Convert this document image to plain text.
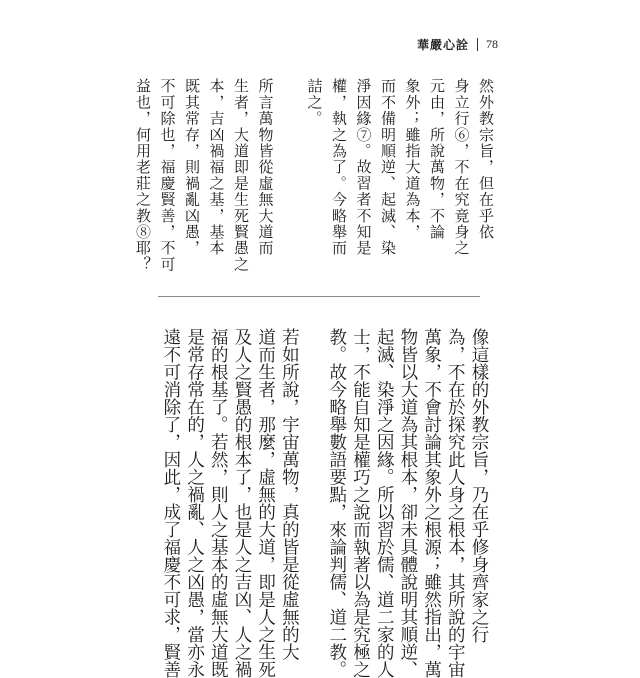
華嚴心詮 78
然外教宗旨，但在乎依
身立行⑥，不在究竟身之
元由，所說萬物，不論
象外；雖指大道為本，
而不備明順逆、起滅、染
淨因緣⑦。故習者不知是
權，執之為了。今略舉而
詰之。

所言萬物皆從虛無大道而
生者，大道即是生死賢愚之
本，吉凶禍福之基，基本
既其常存，則禍亂凶愚，
不可除也，福慶賢善，不可
益也，何用老莊之教⑧耶？
像這樣的外教宗旨，乃在乎修身齊家之行
為，不在於探究此人身之根本，其所說的宇宙
萬象，不會討論其象外之根源；雖然指出，萬
物皆以大道為其根本，卻未具體說明其順逆、
起滅、染淨之因緣。所以習於儒、道二家的人
士，不能自知是權巧之說而執著以為是究極之
教。故今略舉數語要點，來論判儒、道二教。

若如所說，宇宙萬物，真的皆是從虛無的大
道而生者，那麼，虛無的大道，即是人之生死
及人之賢愚的根本了，也是人之吉凶、人之禍
福的根基了。若然，則人之基本的虛無大道既
是常存常在的，人之禍亂、人之凶愚，當亦永
遠不可消除了，因此，成了福慶不可求，賢善
